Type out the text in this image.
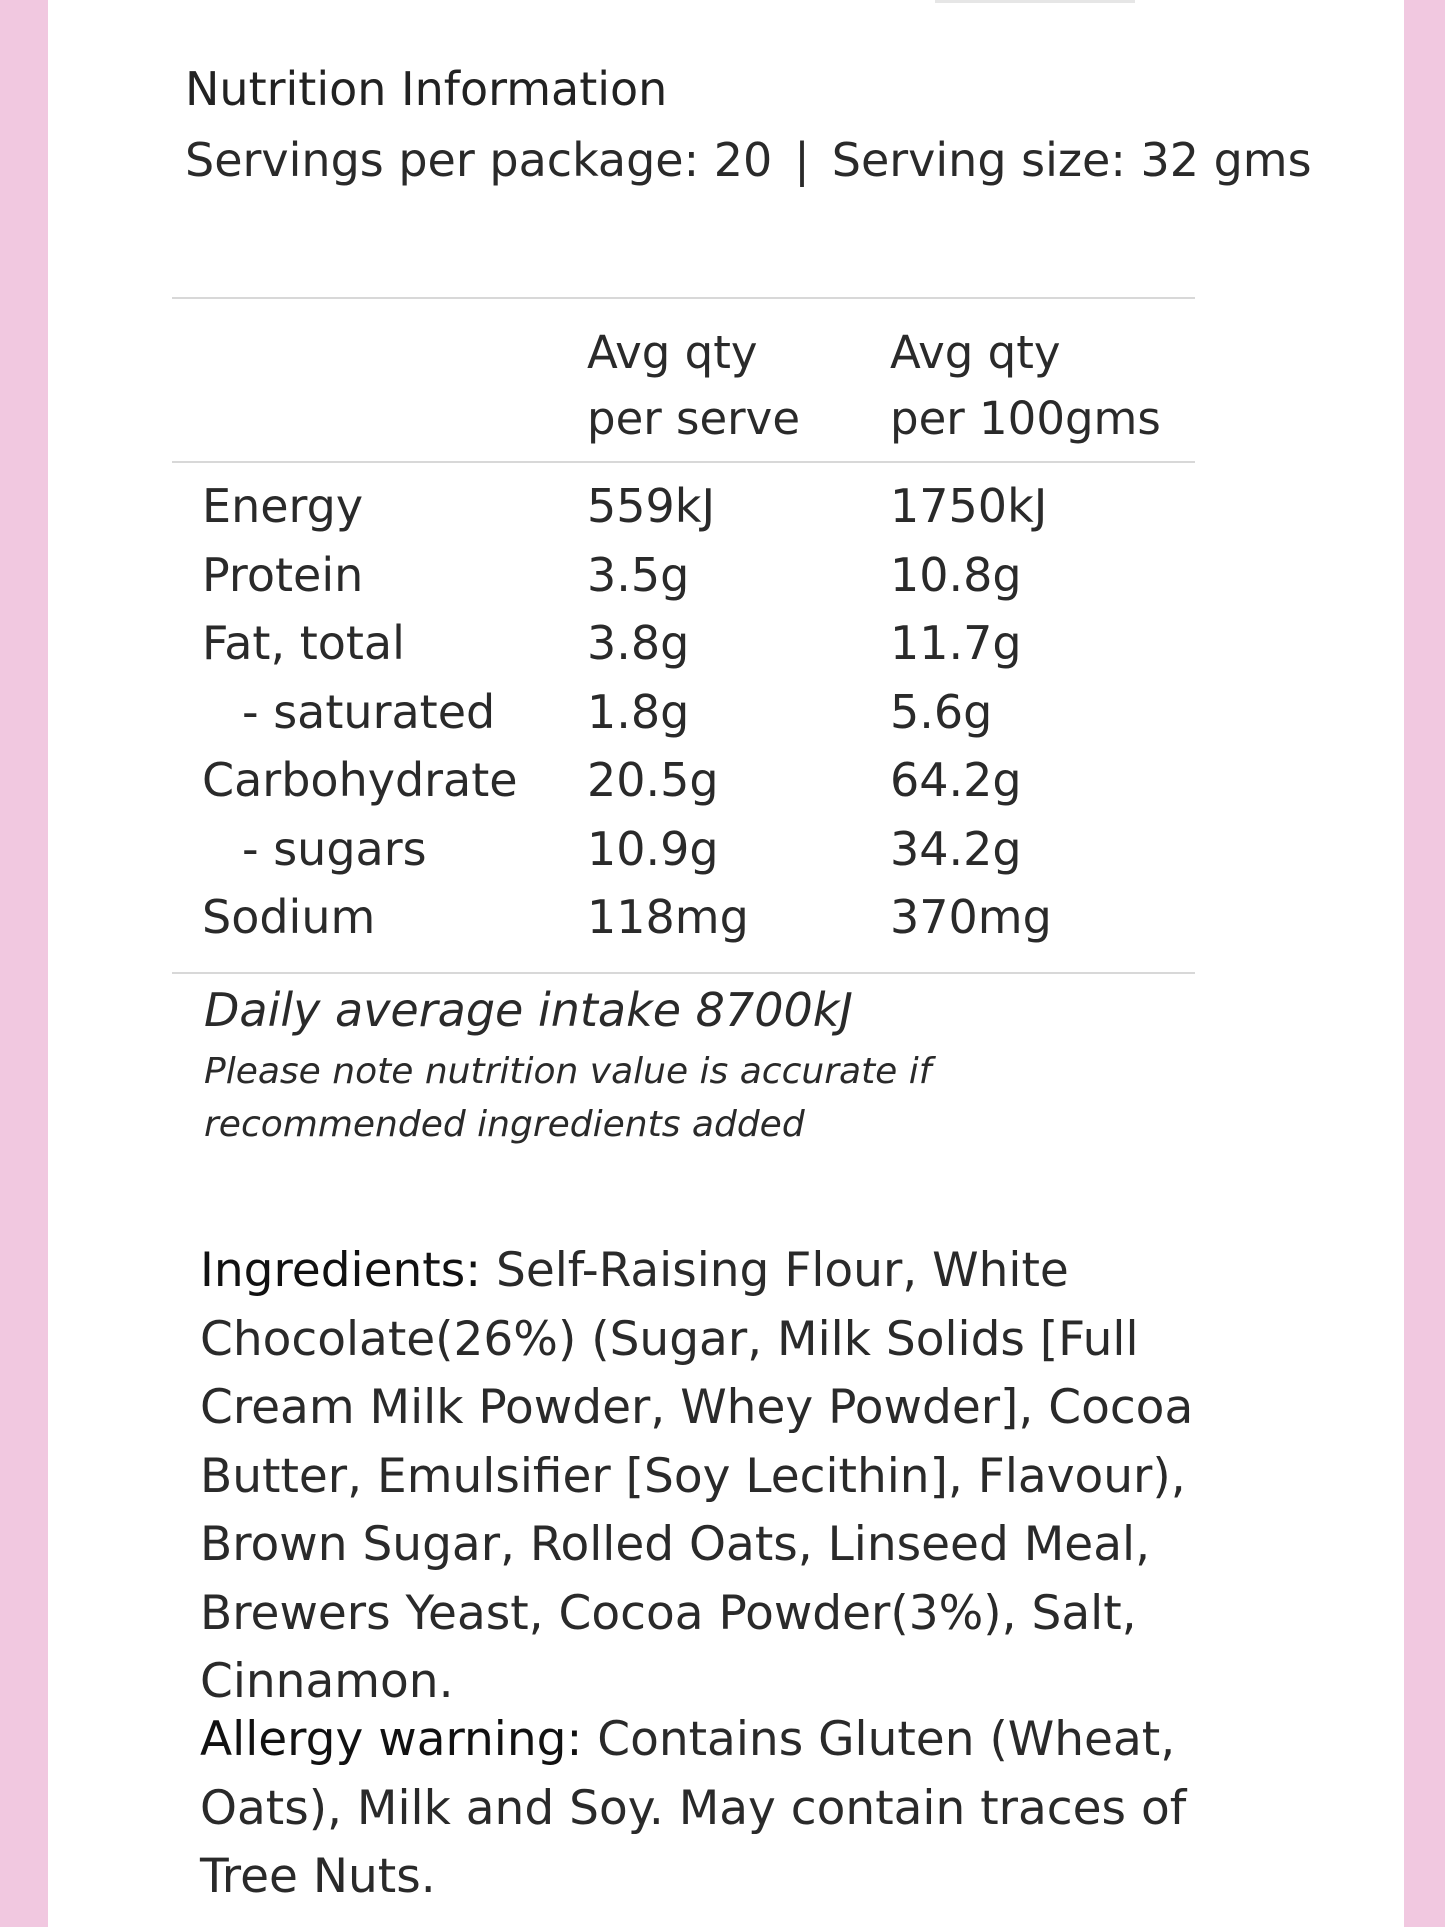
Nutrition Information
Servings per package: 20 | Serving size: 32 gms
Avg qty
per serve
Avg qty
per 100gms
Energy	559kJ	1750kJ
Protein	3.5g	10.8g
Fat, total	3.8g	11.7g
- saturated 1.8g	5.6g
Carbohydrate 20.5g	64.2g
- sugars	10.9g	34.2g
Sodium	118mg	370mg
Daily average intake 8700kJ
Please note nutrition value is accurate if recommended ingredients added
Ingredients: Self-Raising Flour, White Chocolate(26%) (Sugar, Milk Solids [Full Cream Milk Powder, Whey Powder], Cocoa Butter, Emulsifier [Soy Lecithin], Flavour), Brown Sugar, Rolled Oats, Linseed Meal, Brewers Yeast, Cocoa Powder(3%), Salt, Cinnamon.
Allergy warning: Contains Gluten (Wheat, Oats), Milk and Soy. May contain traces of Tree Nuts.
